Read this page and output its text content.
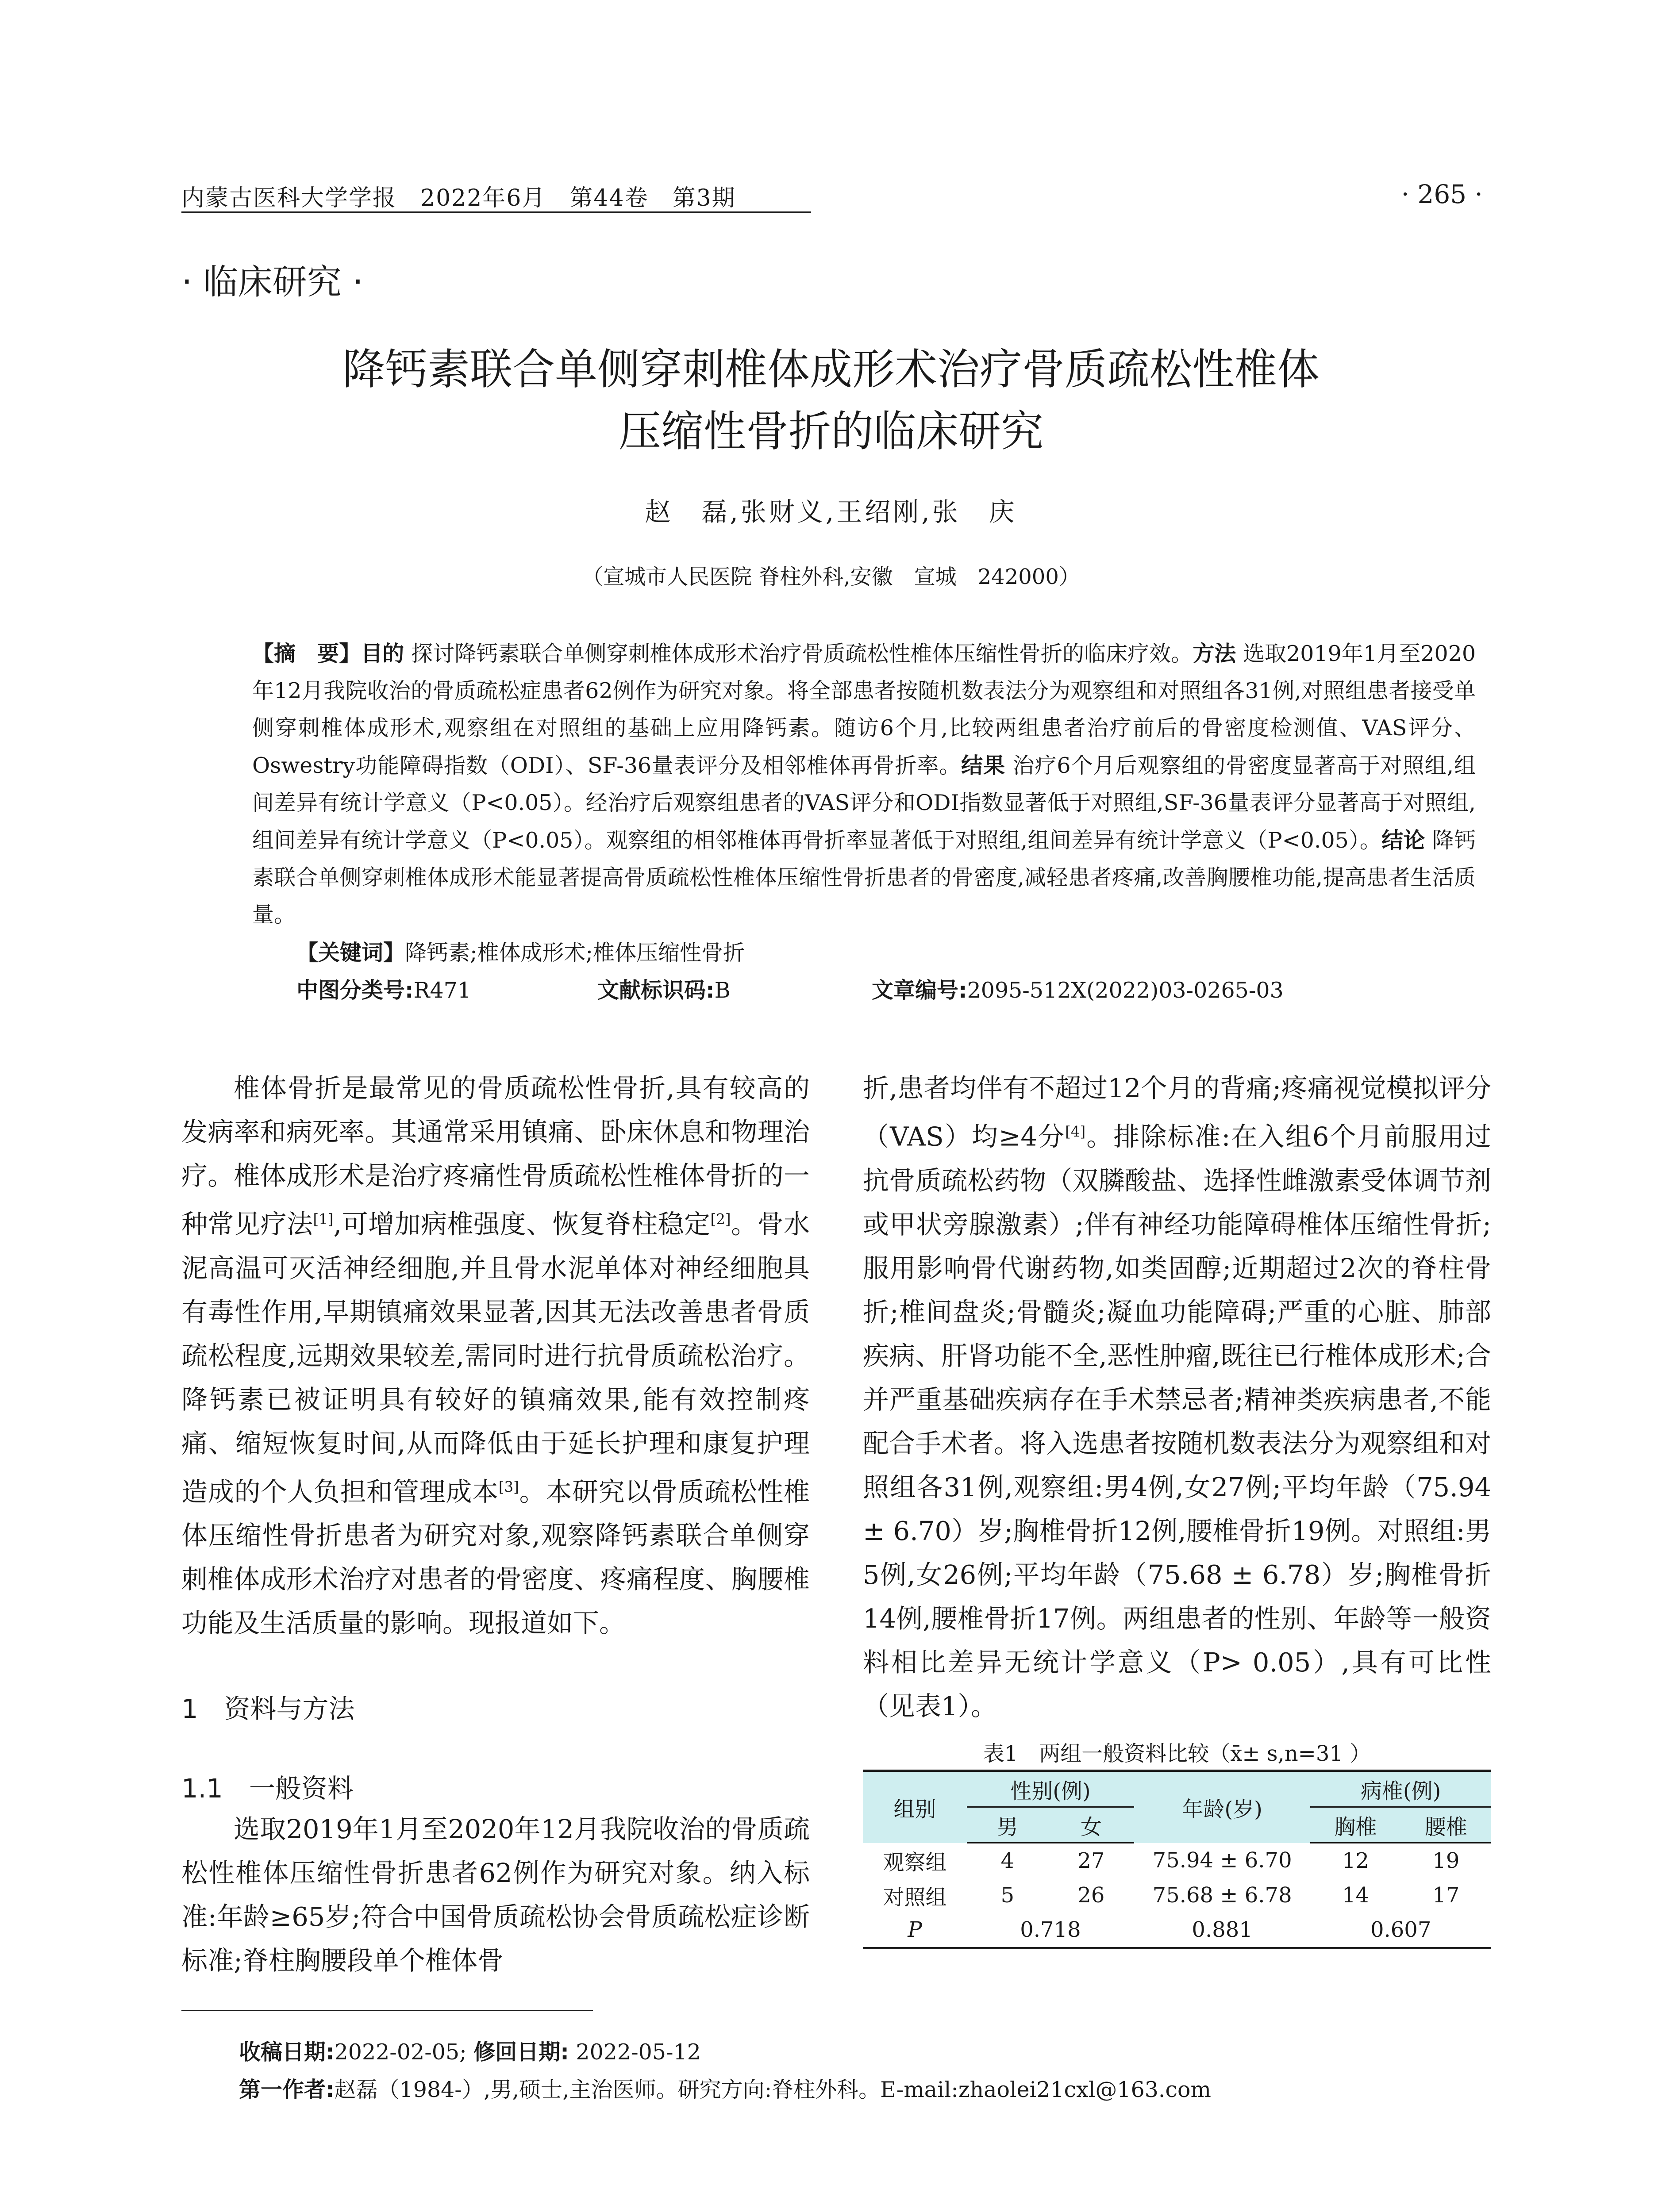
内蒙古医科大学学报　2022年6月　第44卷　第3期	· 265 ·
· 临床研究 ·
降钙素联合单侧穿刺椎体成形术治疗骨质疏松性椎体
压缩性骨折的临床研究
赵　磊,张财义,王绍刚,张　庆
（宣城市人民医院 脊柱外科,安徽　宣城　242000）
【摘　要】目的 探讨降钙素联合单侧穿刺椎体成形术治疗骨质疏松性椎体压缩性骨折的临床疗效。方法 选取2019年1月至2020年12月我院收治的骨质疏松症患者62例作为研究对象。将全部患者按随机数表法分为观察组和对照组各31例,对照组患者接受单侧穿刺椎体成形术,观察组在对照组的基础上应用降钙素。随访6个月,比较两组患者治疗前后的骨密度检测值、VAS评分、Oswestry功能障碍指数（ODI）、SF-36量表评分及相邻椎体再骨折率。结果 治疗6个月后观察组的骨密度显著高于对照组,组间差异有统计学意义（P<0.05）。经治疗后观察组患者的VAS评分和ODI指数显著低于对照组,SF-36量表评分显著高于对照组,组间差异有统计学意义（P<0.05）。观察组的相邻椎体再骨折率显著低于对照组,组间差异有统计学意义（P<0.05）。结论 降钙素联合单侧穿刺椎体成形术能显著提高骨质疏松性椎体压缩性骨折患者的骨密度,减轻患者疼痛,改善胸腰椎功能,提高患者生活质量。
【关键词】降钙素;椎体成形术;椎体压缩性骨折
中图分类号:R471	文献标识码:B	文章编号:2095-512X(2022)03-0265-03
椎体骨折是最常见的骨质疏松性骨折,具有较高的发病率和病死率。其通常采用镇痛、卧床休息和物理治疗。椎体成形术是治疗疼痛性骨质疏松性椎体骨折的一种常见疗法[1],可增加病椎强度、恢复脊柱稳定[2]。骨水泥高温可灭活神经细胞,并且骨水泥单体对神经细胞具有毒性作用,早期镇痛效果显著,因其无法改善患者骨质疏松程度,远期效果较差,需同时进行抗骨质疏松治疗。降钙素已被证明具有较好的镇痛效果,能有效控制疼痛、缩短恢复时间,从而降低由于延长护理和康复护理造成的个人负担和管理成本[3]。本研究以骨质疏松性椎体压缩性骨折患者为研究对象,观察降钙素联合单侧穿刺椎体成形术治疗对患者的骨密度、疼痛程度、胸腰椎功能及生活质量的影响。现报道如下。
1　资料与方法
1.1　一般资料
选取2019年1月至2020年12月我院收治的骨质疏松性椎体压缩性骨折患者62例作为研究对象。纳入标准:年龄≥65岁;符合中国骨质疏松协会骨质疏松症诊断标准;脊柱胸腰段单个椎体骨
折,患者均伴有不超过12个月的背痛;疼痛视觉模拟评分（VAS）均≥4分[4]。排除标准:在入组6个月前服用过抗骨质疏松药物（双膦酸盐、选择性雌激素受体调节剂或甲状旁腺激素）;伴有神经功能障碍椎体压缩性骨折;服用影响骨代谢药物,如类固醇;近期超过2次的脊柱骨折;椎间盘炎;骨髓炎;凝血功能障碍;严重的心脏、肺部疾病、肝肾功能不全,恶性肿瘤,既往已行椎体成形术;合并严重基础疾病存在手术禁忌者;精神类疾病患者,不能配合手术者。将入选患者按随机数表法分为观察组和对照组各31例,观察组:男4例,女27例;平均年龄（75.94 ± 6.70）岁;胸椎骨折12例,腰椎骨折19例。对照组:男5例,女26例;平均年龄（75.68 ± 6.78）岁;胸椎骨折14例,腰椎骨折17例。两组患者的性别、年龄等一般资料相比差异无统计学意义（P> 0.05）,具有可比性（见表1）。
表1　两组一般资料比较（x̄± s,n=31 ）
组别	性别(例)		年龄(岁)	病椎(例)	
	男	女		胸椎	腰椎
观察组	4	27	75.94 ± 6.70	12	19
对照组	5	26	75.68 ± 6.78	14	17
P	0.718		0.881	0.607	
收稿日期:2022-02-05; 修回日期: 2022-05-12
第一作者:赵磊（1984-）,男,硕士,主治医师。研究方向:脊柱外科。E-mail:zhaolei21cxl@163.com
